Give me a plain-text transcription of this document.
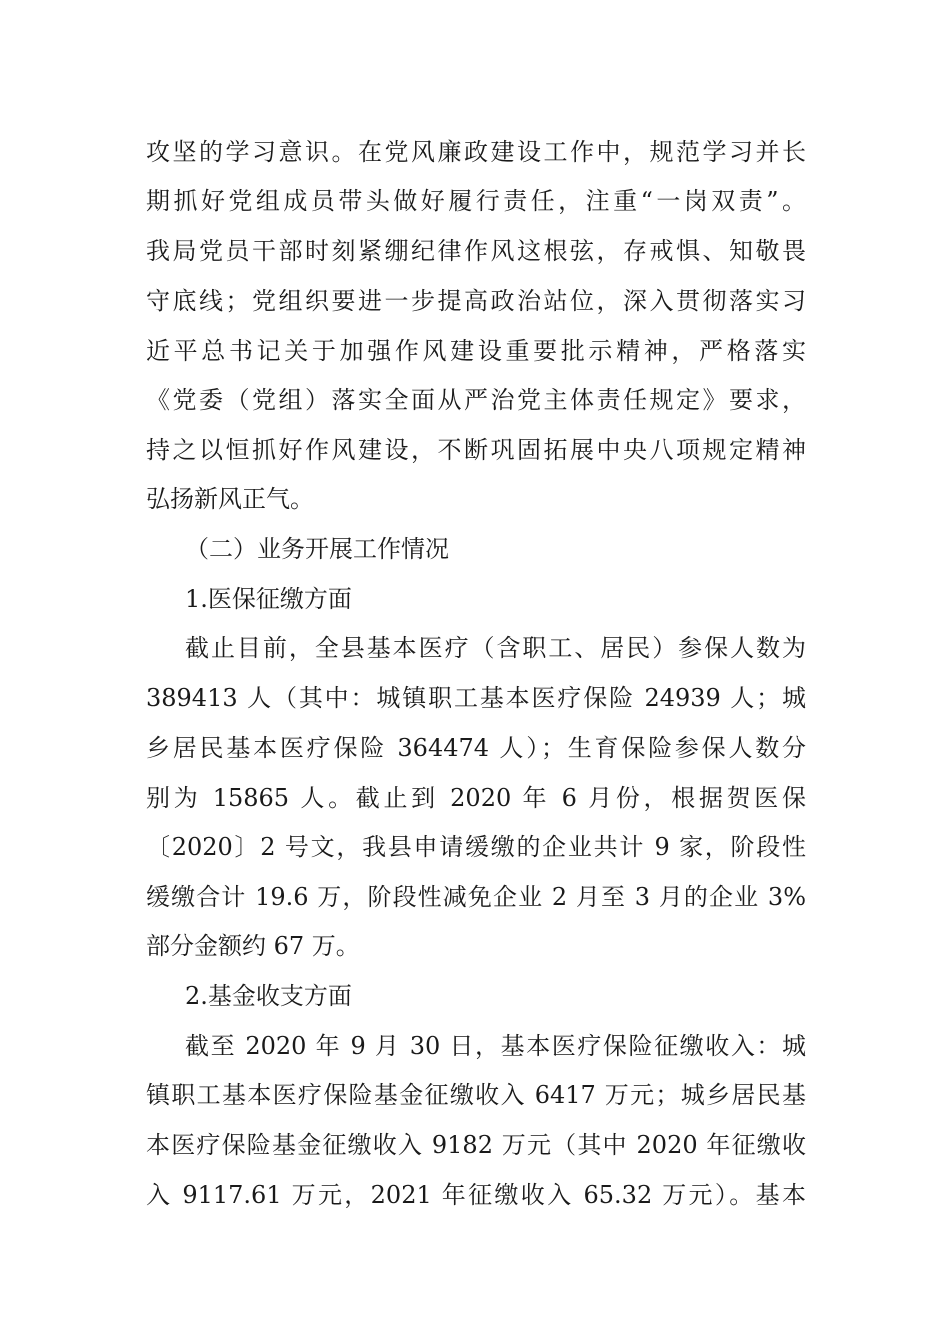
攻坚的学习意识。在党风廉政建设工作中，规范学习并长
期抓好党组成员带头做好履行责任，注重“一岗双责”。
我局党员干部时刻紧绷纪律作风这根弦，存戒惧、知敬畏
守底线；党组织要进一步提高政治站位，深入贯彻落实习
近平总书记关于加强作风建设重要批示精神，严格落实
《党委（党组）落实全面从严治党主体责任规定》要求，
持之以恒抓好作风建设，不断巩固拓展中央八项规定精神
弘扬新风正气。
（二）业务开展工作情况
1.医保征缴方面
截止目前，全县基本医疗（含职工、居民）参保人数为
389413 人（其中：城镇职工基本医疗保险 24939 人；城
乡居民基本医疗保险 364474 人）；生育保险参保人数分
别为 15865 人。截止到 2020 年 6 月份，根据贺医保
〔2020〕2 号文，我县申请缓缴的企业共计 9 家，阶段性
缓缴合计 19.6 万，阶段性减免企业 2 月至 3 月的企业 3%
部分金额约 67 万。
2.基金收支方面
截至 2020 年 9 月 30 日，基本医疗保险征缴收入：城
镇职工基本医疗保险基金征缴收入 6417 万元；城乡居民基
本医疗保险基金征缴收入 9182 万元（其中 2020 年征缴收
入 9117.61 万元，2021 年征缴收入 65.32 万元）。基本
